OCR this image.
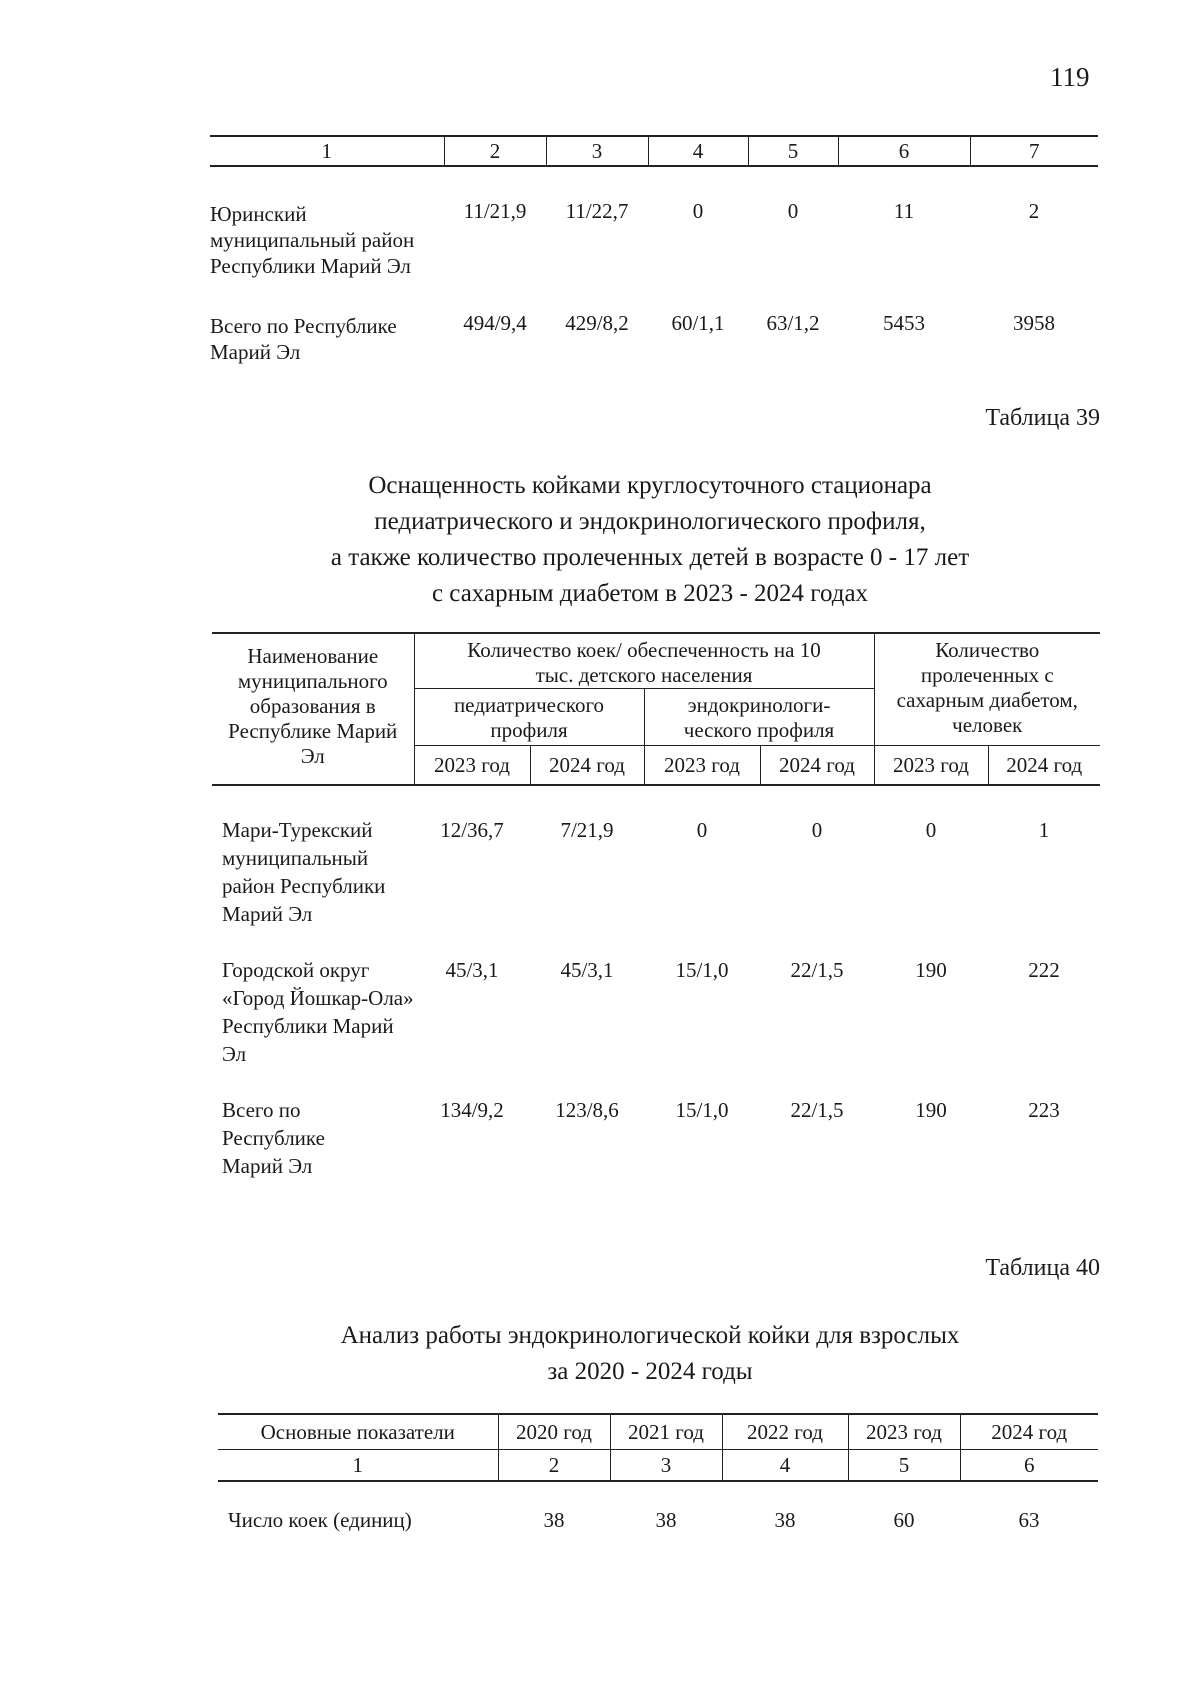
119
1	2	3	4	5	6	7

Юринский муниципальный район Республики Марий Эл	11/21,9	11/22,7	0	0	11	2

Всего по Республике Марий Эл	494/9,4	429/8,2	60/1,1	63/1,2	5453	3958
Таблица 39
Оснащенность койками круглосуточного стационара
педиатрического и эндокринологического профиля,
а также количество пролеченных детей в возрасте 0 - 17 лет
с сахарным диабетом в 2023 - 2024 годах
Наименование муниципального образования в Республике Марий Эл	Количество коек/ обеспеченность на 10 тыс. детского населения				Количество пролеченных с сахарным диабетом, человек	
	педиатрического профиля		эндокринологи-ческого профиля			
	2023 год	2024 год	2023 год	2024 год	2023 год	2024 год

Мари-Турекский муниципальный район Республики Марий Эл	12/36,7	7/21,9	0	0	0	1

Городской округ «Город Йошкар-Ола» Республики Марий Эл	45/3,1	45/3,1	15/1,0	22/1,5	190	222

Всего по Республике Марий Эл	134/9,2	123/8,6	15/1,0	22/1,5	190	223
Таблица 40
Анализ работы эндокринологической койки для взрослых
за 2020 - 2024 годы
Основные показатели	2020 год	2021 год	2022 год	2023 год	2024 год
1	2	3	4	5	6
Число коек (единиц)	38	38	38	60	63
